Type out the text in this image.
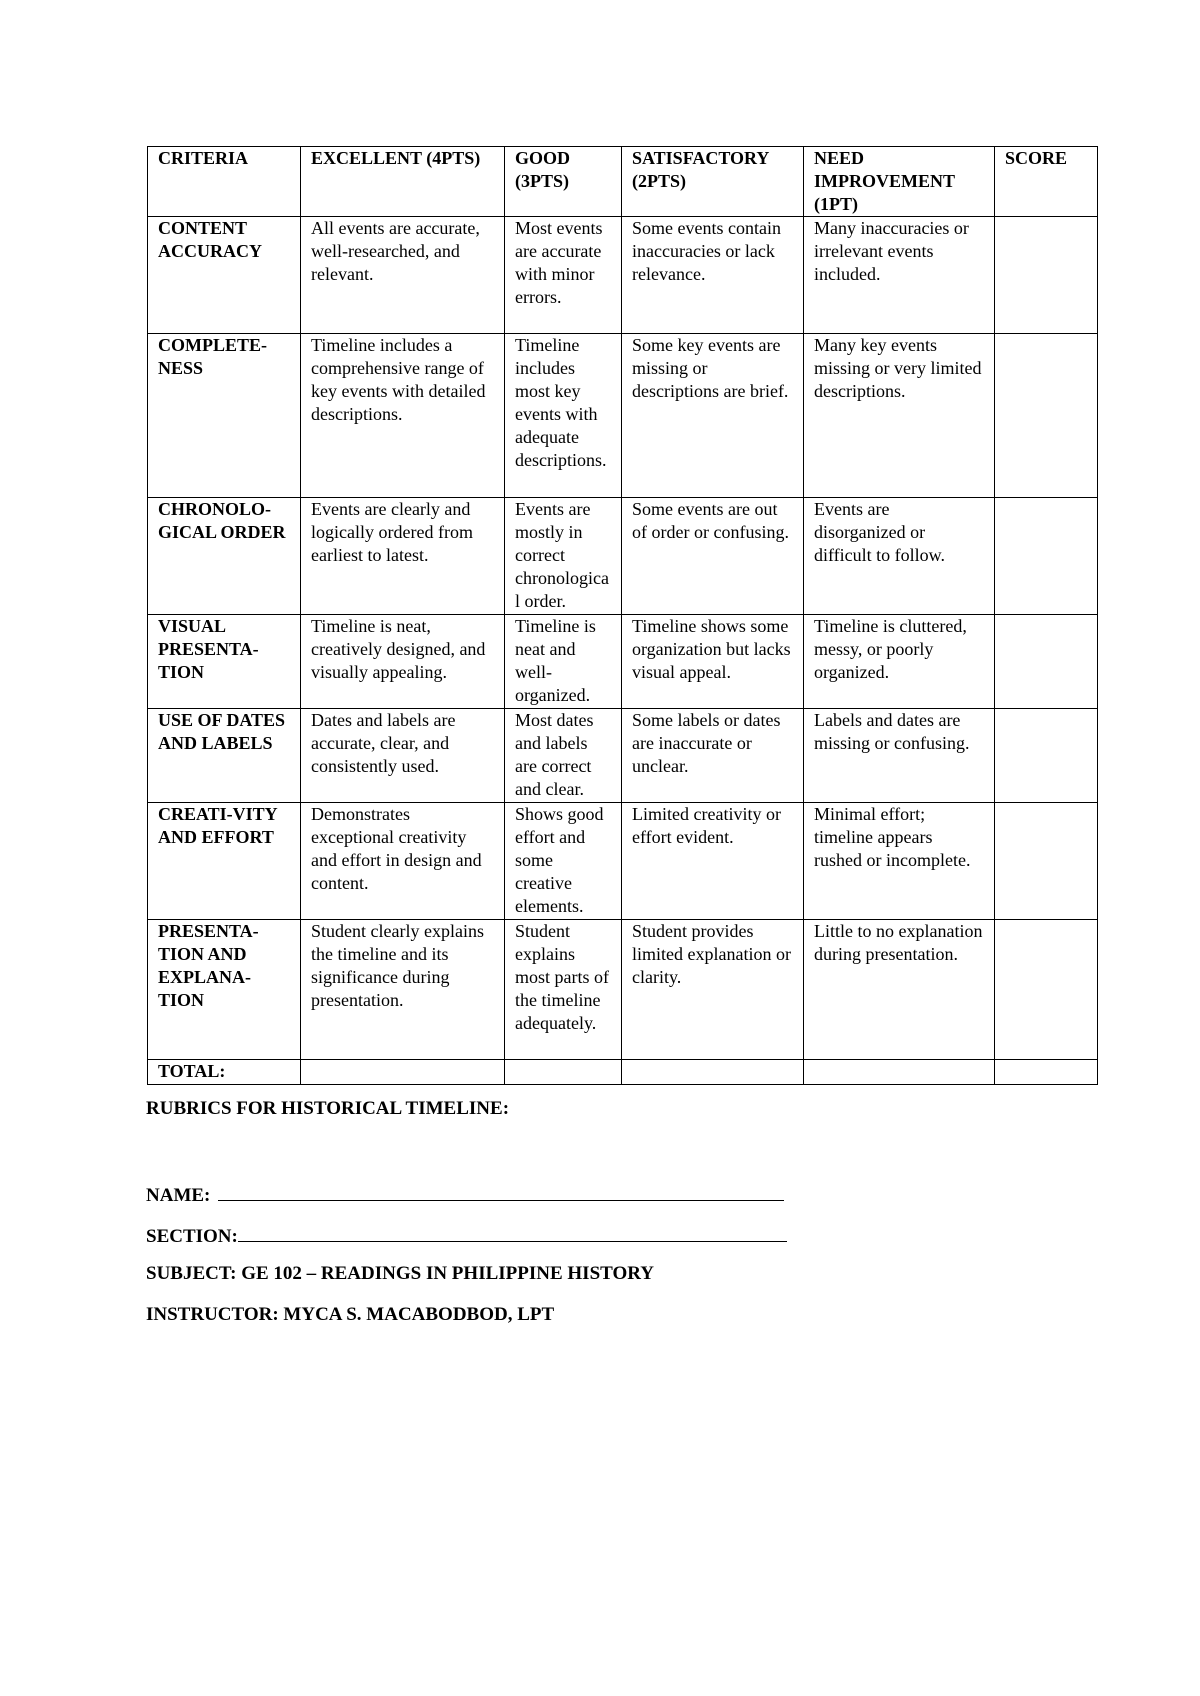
CRITERIA	EXCELLENT (4PTS)	GOOD (3PTS)	SATISFACTORY (2PTS)	NEED IMPROVEMENT (1PT)	SCORE
CONTENT ACCURACY	All events are accurate, well-researched, and relevant.	Most events are accurate with minor errors.	Some events contain inaccuracies or lack relevance.	Many inaccuracies or irrelevant events included.	
COMPLETE-NESS	Timeline includes a comprehensive range of key events with detailed descriptions.	Timeline includes most key events with adequate descriptions.	Some key events are missing or descriptions are brief.	Many key events missing or very limited descriptions.	
CHRONOLO-GICAL ORDER	Events are clearly and logically ordered from earliest to latest.	Events are mostly in correct chronological order.	Some events are out of order or confusing.	Events are disorganized or difficult to follow.	
VISUAL PRESENTA-TION	Timeline is neat, creatively designed, and visually appealing.	Timeline is neat and well-organized.	Timeline shows some organization but lacks visual appeal.	Timeline is cluttered, messy, or poorly organized.	
USE OF DATES AND LABELS	Dates and labels are accurate, clear, and consistently used.	Most dates and labels are correct and clear.	Some labels or dates are inaccurate or unclear.	Labels and dates are missing or confusing.	
CREATI-VITY AND EFFORT	Demonstrates exceptional creativity and effort in design and content.	Shows good effort and some creative elements.	Limited creativity or effort evident.	Minimal effort; timeline appears rushed or incomplete.	
PRESENTA-TION AND EXPLANA-TION	Student clearly explains the timeline and its significance during presentation.	Student explains most parts of the timeline adequately.	Student provides limited explanation or clarity.	Little to no explanation during presentation.	
TOTAL:					
RUBRICS FOR HISTORICAL TIMELINE:
NAME:
SECTION:
SUBJECT: GE 102 – READINGS IN PHILIPPINE HISTORY
INSTRUCTOR: MYCA S. MACABODBOD, LPT
